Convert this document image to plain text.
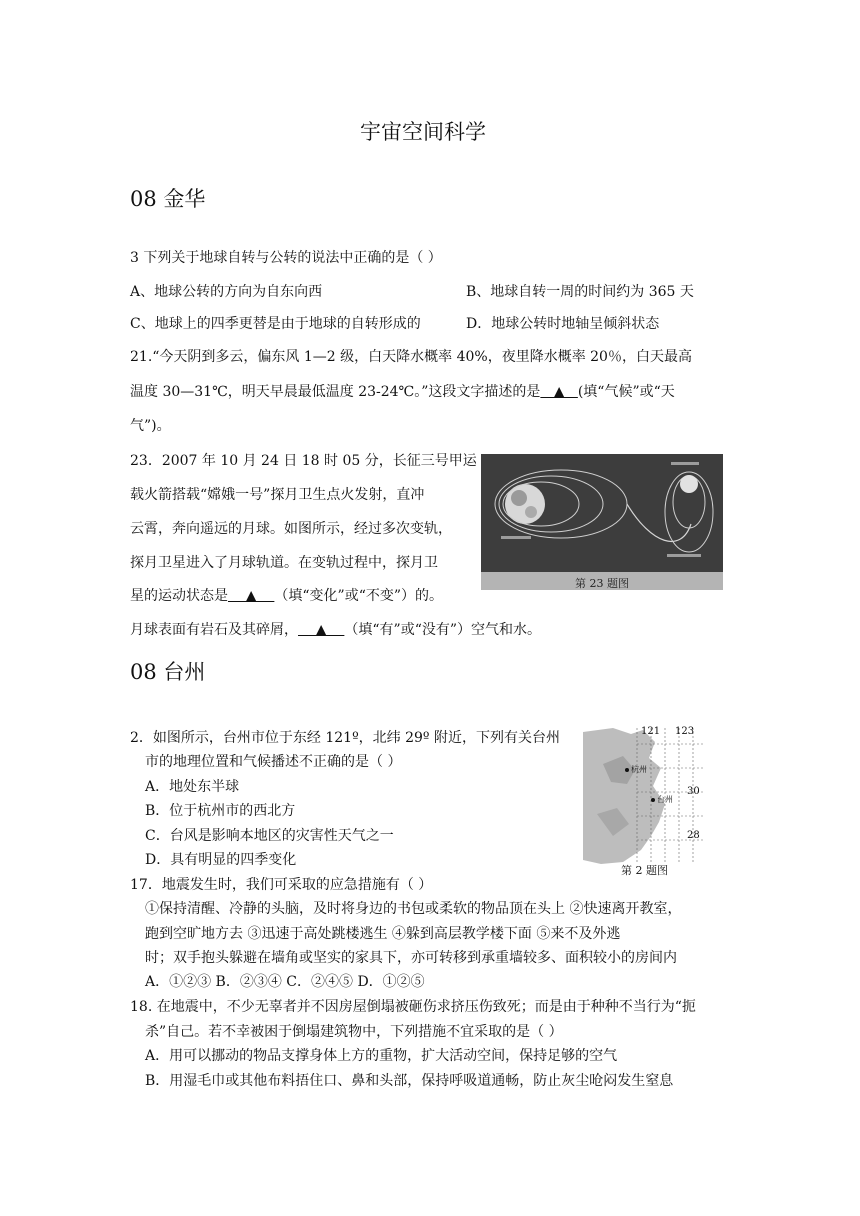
宇宙空间科学
08 金华
3 下列关于地球自转与公转的说法中正确的是（ ）
A、地球公转的方向为自东向西	B、地球自转一周的时间约为 365 天
C、地球上的四季更替是由于地球的自转形成的	D．地球公转时地轴呈倾斜状态
21.“今天阴到多云，偏东风 1—2 级，白天降水概率 40%，夜里降水概率 20％，白天最高
温度 30—31℃，明天早晨最低温度 23-24℃。”这段文字描述的是   ▲   (填“气候”或“天
气”)。
23．2007 年 10 月 24 日 18 时 05 分，长征三号甲运
载火箭搭载“嫦娥一号”探月卫生点火发射，直冲
云霄，奔向遥远的月球。如图所示，经过多次变轨，
探月卫星进入了月球轨道。在变轨过程中，探月卫
星的运动状态是    ▲    （填“变化”或“不变”）的。
月球表面有岩石及其碎屑，    ▲    （填“有”或“没有”）空气和水。
第 23 题图
08 台州
2．如图所示，台州市位于东经 121º，北纬 29º 附近，下列有关台州
市的地理位置和气候播述不正确的是（ ）
A．地处东半球
B．位于杭州市的西北方
C．台风是影响本地区的灾害性天气之一
D．具有明显的四季变化
121 123
30
28
杭州
台州
第 2 题图
17．地震发生时，我们可采取的应急措施有（ ）
①保持清醒、冷静的头脑，及时将身边的书包或柔软的物品顶在头上 ②快速离开教室，
跑到空旷地方去 ③迅速于高处跳楼逃生 ④躲到高层教学楼下面 ⑤来不及外逃
时；双手抱头躲避在墙角或坚实的家具下，亦可转移到承重墙较多、面积较小的房间内
A．①②③ B．②③④ C．②④⑤ D．①②⑤
18. 在地震中，不少无辜者并不因房屋倒塌被砸伤求挤压伤致死；而是由于种种不当行为“扼
杀”自己。若不幸被困于倒塌建筑物中，下列措施不宜采取的是（ ）
A．用可以挪动的物品支撑身体上方的重物，扩大活动空间，保持足够的空气
B．用湿毛巾或其他布料捂住口、鼻和头部，保持呼吸道通畅，防止灰尘呛闷发生窒息
